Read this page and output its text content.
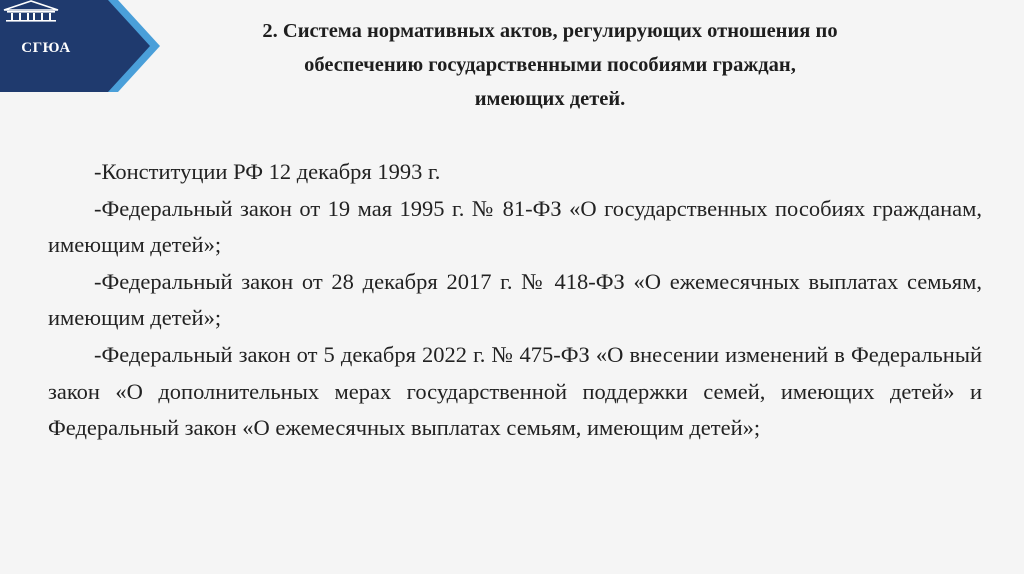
СГЮА
2. Система нормативных актов, регулирующих отношения по
обеспечению государственными пособиями граждан,
имеющих детей.

-Конституции РФ 12 декабря 1993 г.

-Федеральный закон от 19 мая 1995 г. № 81-ФЗ «О государственных пособиях гражданам, имеющим детей»;

-Федеральный закон от 28 декабря 2017 г. № 418-ФЗ «О ежемесячных выплатах семьям, имеющим детей»;

-Федеральный закон от 5 декабря 2022 г. № 475-ФЗ «О внесении изменений в Федеральный закон «О дополнительных мерах государственной поддержки семей, имеющих детей» и Федеральный закон «О ежемесячных выплатах семьям, имеющим детей»;
